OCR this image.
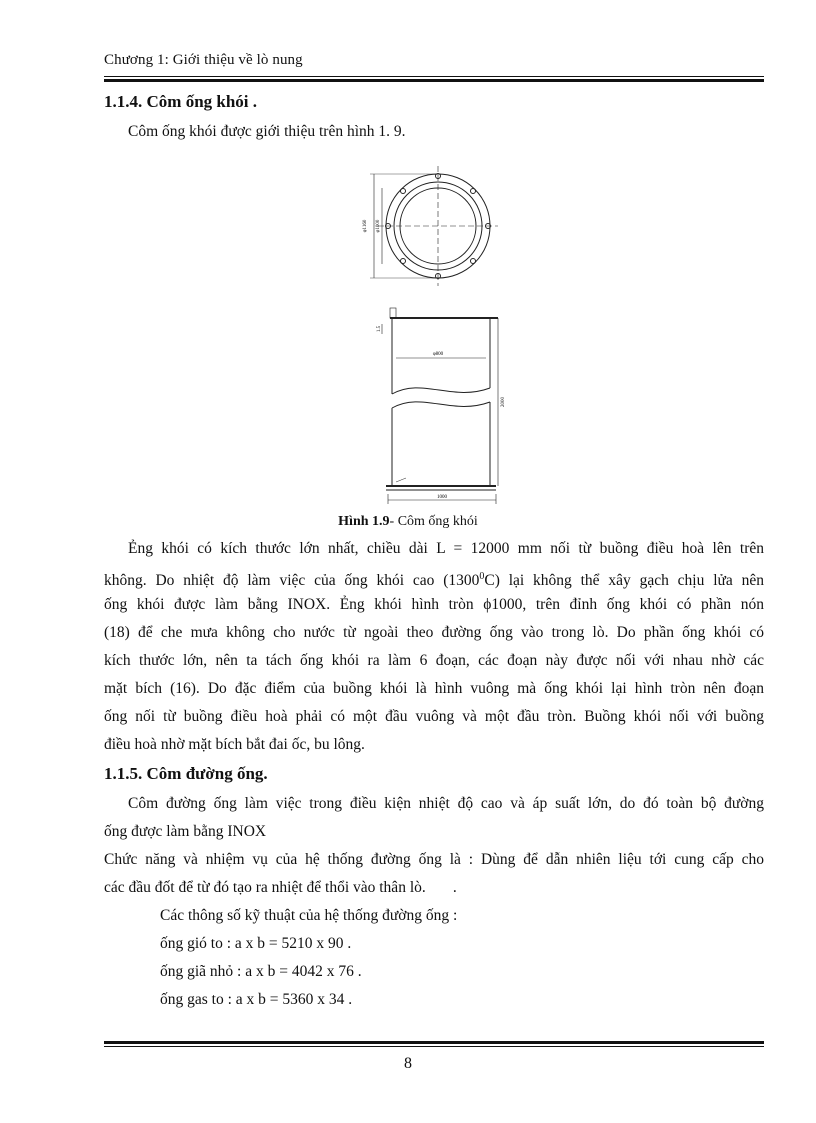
Chương 1: Giới thiệu về lò nung
1.1.4. Côm ống khói .
Côm ống khói được giới thiệu trên hình 1. 9.
φ1160 φ1000
φ800
2000
1000
1.5
Hình 1.9- Côm ống khói
Ẻng khói có kích thước lớn nhất, chiều dài L = 12000 mm nối từ buồng điều hoà lên trên
không. Do nhiệt độ làm việc của ống khói cao (1300$^0$C) lại không thể xây gạch chịu lửa nên
ống khói được làm bằng INOX. Ẻng khói hình tròn ϕ1000, trên đỉnh ống khói có phần nón
(18) để che mưa không cho nước từ ngoài theo đường ống vào trong lò. Do phần ống khói có
kích thước lớn, nên ta tách ống khói ra làm 6 đoạn, các đoạn này được nối với nhau nhờ các
mặt bích (16). Do đặc điểm của buồng khói là hình vuông mà ống khói lại hình tròn nên đoạn
ống nối từ buồng điều hoà phải có một đầu vuông và một đầu tròn. Buồng khói nối với buồng
điều hoà nhờ mặt bích bắt đai ốc, bu lông.
1.1.5. Côm đường ống.
Côm đường ống làm việc trong điều kiện nhiệt độ cao và áp suất lớn, do đó toàn bộ đường
ống được làm bằng INOX
Chức năng và nhiệm vụ của hệ thống đường ống là : Dùng để dẫn nhiên liệu tới cung cấp cho
các đầu đốt để từ đó tạo ra nhiệt để thổi vào thân lò.       .
Các thông số kỹ thuật của hệ thống đường ống :
ống gió to : a x b = 5210 x 90 .
ống giã nhỏ : a x b = 4042 x 76 .
ống gas to : a x b = 5360 x 34 .
8
